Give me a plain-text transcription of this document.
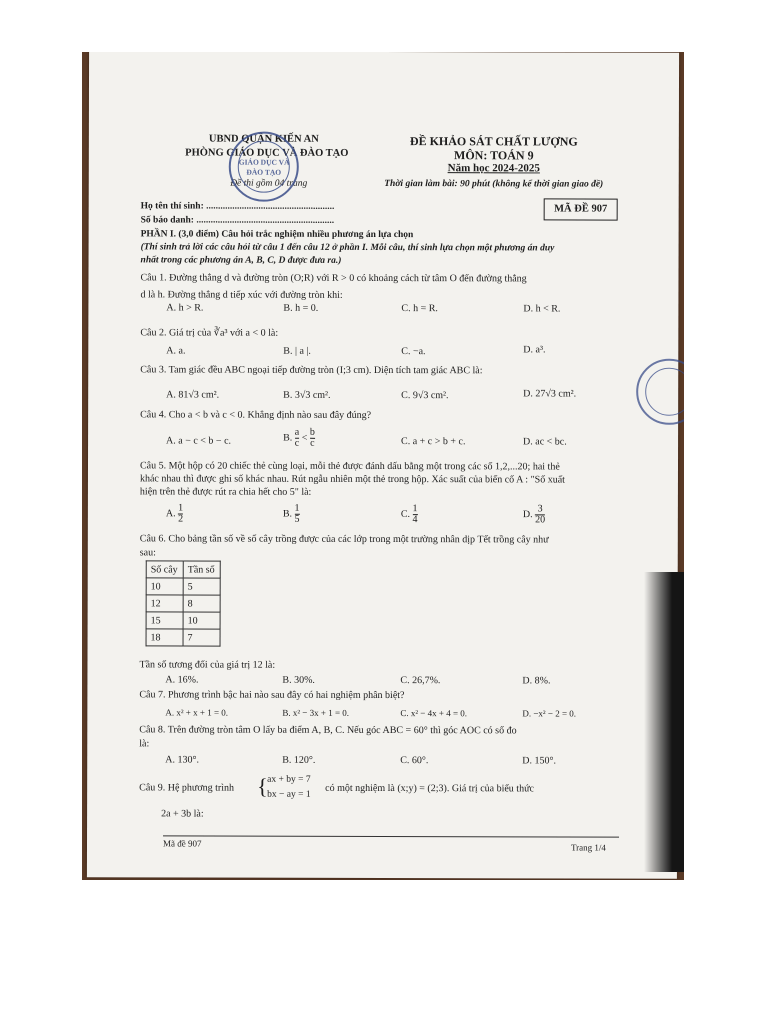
UBND QUẬN KIẾN AN
PHÒNG GIÁO DỤC VÀ ĐÀO TẠO
Đề thi gồm 04 trang
GIÁO DỤC VÀ
ĐÀO TẠO
ĐỀ KHẢO SÁT CHẤT LƯỢNG
MÔN: TOÁN 9
Năm học 2024-2025
Thời gian làm bài: 90 phút (không kể thời gian giao đề)
Họ tên thí sinh: ......................................................
Số báo danh: ..........................................................
MÃ ĐỀ 907
PHẦN I. (3,0 điểm) Câu hỏi trắc nghiệm nhiều phương án lựa chọn
(Thí sinh trả lời các câu hỏi từ câu 1 đến câu 12 ở phần I. Mỗi câu, thí sinh lựa chọn một phương án duy
nhất trong các phương án A, B, C, D được đưa ra.)
Câu 1. Đường thẳng d và đường tròn (O;R) với R > 0 có khoảng cách từ tâm O đến đường thẳng
d là h. Đường thẳng d tiếp xúc với đường tròn khi:
A. h > R.	B. h = 0.	C. h = R.	D. h < R.
Câu 2. Giá trị của ∛a³ với a < 0 là:
A. a.	B. | a |.	C. −a.	D. a³.
Câu 3. Tam giác đều ABC ngoại tiếp đường tròn (I;3 cm). Diện tích tam giác ABC là:
A. 81√3 cm².	B. 3√3 cm².	C. 9√3 cm².	D. 27√3 cm².
Câu 4. Cho a < b và c < 0. Khẳng định nào sau đây đúng?
A. a − c < b − c.	B. $\frac{a}{c} < \frac{b}{c}$	C. a + c > b + c.	D. ac < bc.
Câu 5. Một hộp có 20 chiếc thẻ cùng loại, mỗi thẻ được đánh dấu bằng một trong các số 1,2,...20; hai thẻ
khác nhau thì được ghi số khác nhau. Rút ngẫu nhiên một thẻ trong hộp. Xác suất của biến cố A : "Số xuất
hiện trên thẻ được rút ra chia hết cho 5" là:
A. $\frac{1}{2}$	B. $\frac{1}{5}$	C. $\frac{1}{4}$	D. $\frac{3}{20}$
Câu 6. Cho bảng tần số về số cây trồng được của các lớp trong một trường nhân dịp Tết trồng cây như
sau:
Số cây	Tần số
10	5
12	8
15	10
18	7
Tần số tương đối của giá trị 12 là:
A. 16%.	B. 30%.	C. 26,7%.	D. 8%.
Câu 7. Phương trình bậc hai nào sau đây có hai nghiệm phân biệt?
A. x² + x + 1 = 0.	B. x² − 3x + 1 = 0.	C. x² − 4x + 4 = 0.	D. −x² − 2 = 0.
Câu 8. Trên đường tròn tâm O lấy ba điểm A, B, C. Nếu góc ABC = 60° thì góc AOC có số đo
là:
A. 130°.	B. 120°.	C. 60°.	D. 150°.
Câu 9. Hệ phương trình { ax + by = 7
bx − ay = 1
có một nghiệm là (x;y) = (2;3). Giá trị của biểu thức
2a + 3b là:
Mã đề 907	Trang 1/4
